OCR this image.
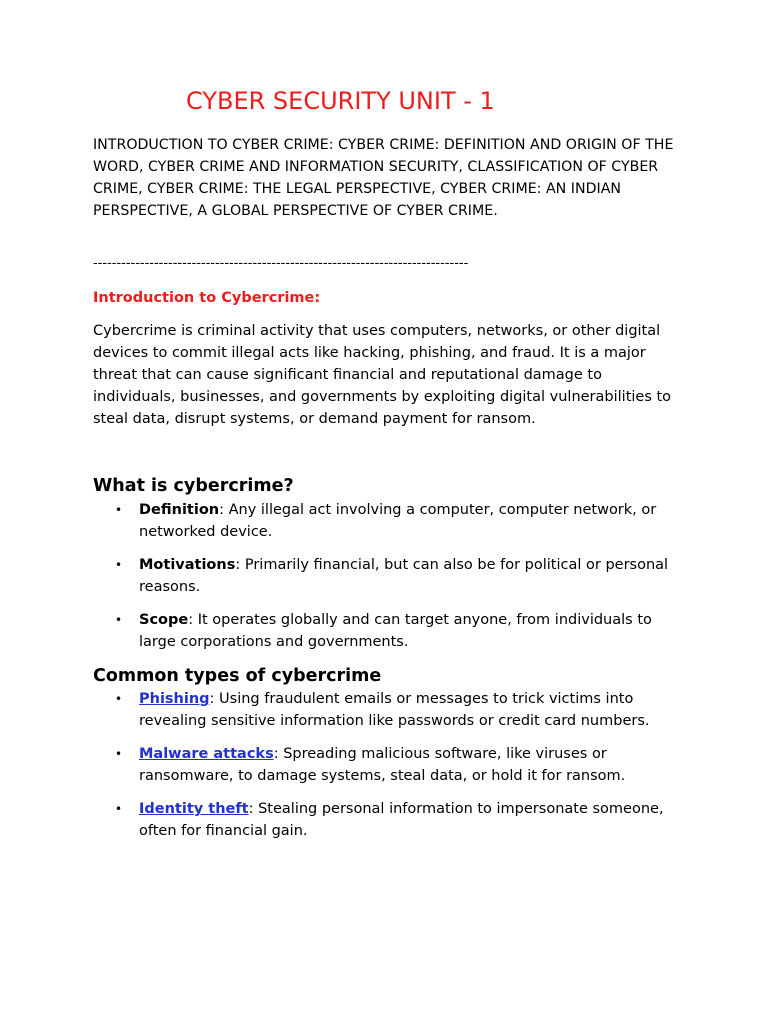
CYBER SECURITY UNIT - 1

INTRODUCTION TO CYBER CRIME: CYBER CRIME: DEFINITION AND ORIGIN OF THE WORD, CYBER CRIME AND INFORMATION SECURITY, CLASSIFICATION OF CYBER CRIME, CYBER CRIME: THE LEGAL PERSPECTIVE, CYBER CRIME: AN INDIAN PERSPECTIVE, A GLOBAL PERSPECTIVE OF CYBER CRIME.

--------------------------------------------------------------------------------

Introduction to Cybercrime:

Cybercrime is criminal activity that uses computers, networks, or other digital devices to commit illegal acts like hacking, phishing, and fraud. It is a major threat that can cause significant financial and reputational damage to individuals, businesses, and governments by exploiting digital vulnerabilities to steal data, disrupt systems, or demand payment for ransom.

What is cybercrime?
• Definition: Any illegal act involving a computer, computer network, or networked device.
• Motivations: Primarily financial, but can also be for political or personal reasons.
• Scope: It operates globally and can target anyone, from individuals to large corporations and governments.
Common types of cybercrime
• Phishing: Using fraudulent emails or messages to trick victims into revealing sensitive information like passwords or credit card numbers.
• Malware attacks: Spreading malicious software, like viruses or ransomware, to damage systems, steal data, or hold it for ransom.
• Identity theft: Stealing personal information to impersonate someone, often for financial gain.
